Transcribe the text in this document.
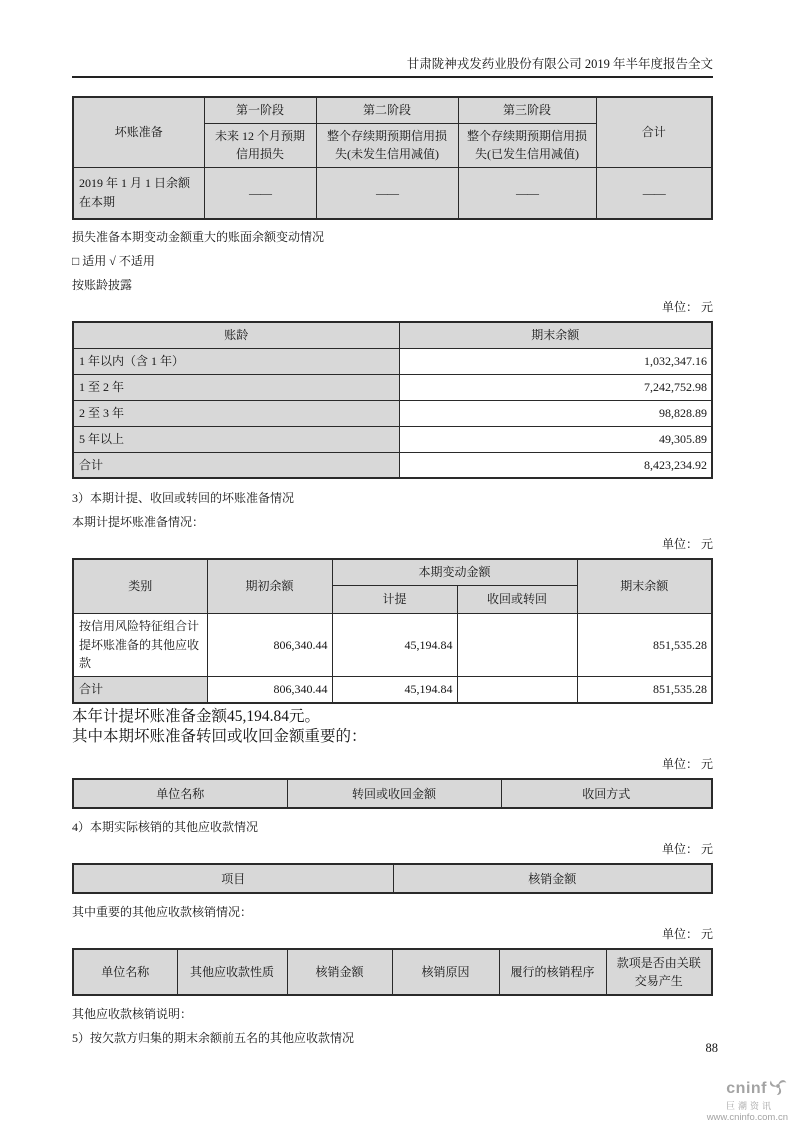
甘肃陇神戎发药业股份有限公司 2019 年半年度报告全文
坏账准备	第一阶段	第二阶段	第三阶段	合计
	未来 12 个月预期信用损失	整个存续期预期信用损失(未发生信用减值)	整个存续期预期信用损失(已发生信用减值)	
2019 年 1 月 1 日余额在本期	——	——	——	——
损失准备本期变动金额重大的账面余额变动情况
□ 适用 √ 不适用
按账龄披露
单位： 元
账龄	期末余额
1 年以内（含 1 年）	1,032,347.16
1 至 2 年	7,242,752.98
2 至 3 年	98,828.89
5 年以上	49,305.89
合计	8,423,234.92
3）本期计提、收回或转回的坏账准备情况
本期计提坏账准备情况：
单位： 元
类别	期初余额	本期变动金额		期末余额
		计提	收回或转回	
按信用风险特征组合计提坏账准备的其他应收款	806,340.44	45,194.84		851,535.28
合计	806,340.44	45,194.84		851,535.28
本年计提坏账准备金额45,194.84元。
其中本期坏账准备转回或收回金额重要的：
单位： 元
单位名称	转回或收回金额	收回方式
4）本期实际核销的其他应收款情况
单位： 元
项目	核销金额
其中重要的其他应收款核销情况：
单位： 元
单位名称	其他应收款性质	核销金额	核销原因	履行的核销程序	款项是否由关联交易产生
其他应收款核销说明：
5）按欠款方归集的期末余额前五名的其他应收款情况
88
cninf
巨潮资讯
www.cninfo.com.cn
